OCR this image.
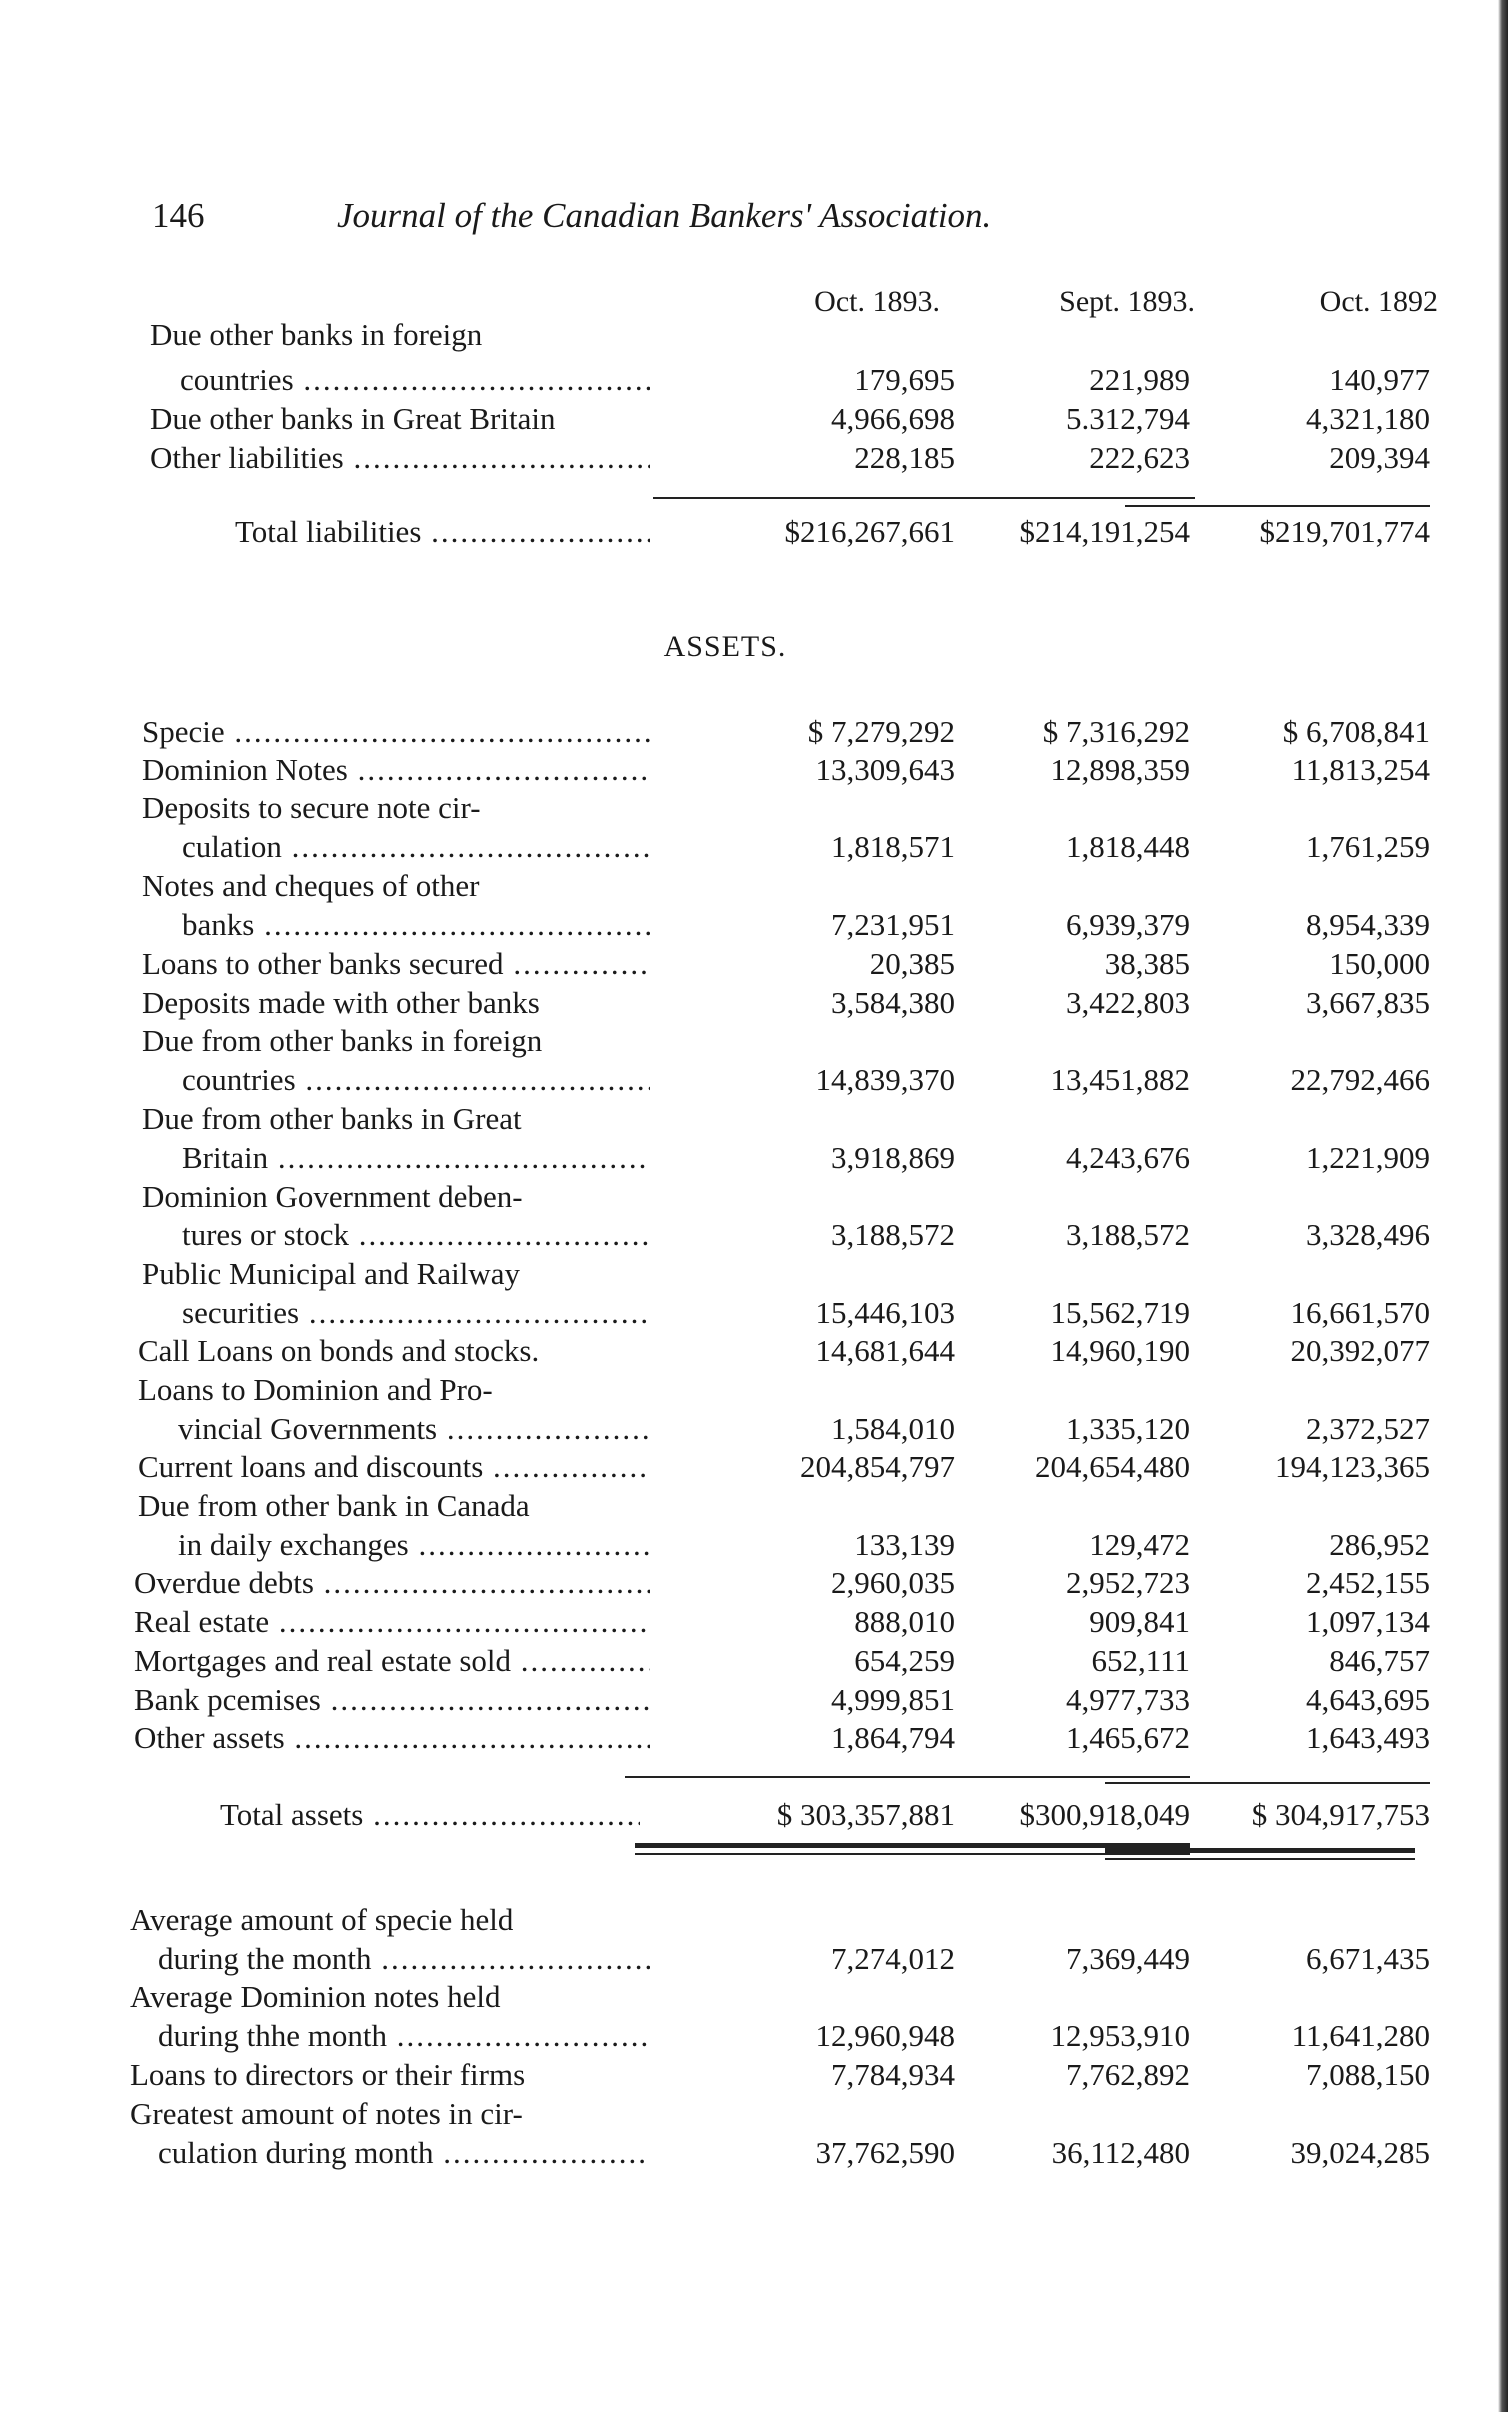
146	Journal of the Canadian Bankers' Association.
Oct. 1893.	Sept. 1893.	Oct. 1892
Due other banks in foreign
countries .....	179,695	221,989	140,977
Due other banks in Great Britain	4,966,698	5.312,794	4,321,180
Other liabilities .....	228,185	222,623	209,394
Total liabilities .....	$216,267,661	$214,191,254	$219,701,774
ASSETS.
Specie .....	$ 7,279,292	$ 7,316,292	$ 6,708,841
Dominion Notes .....	13,309,643	12,898,359	11,813,254
Deposits to secure note cir-
culation .....	1,818,571	1,818,448	1,761,259
Notes and cheques of other
banks .....	7,231,951	6,939,379	8,954,339
Loans to other banks secured .....	20,385	38,385	150,000
Deposits made with other banks	3,584,380	3,422,803	3,667,835
Due from other banks in foreign
countries .....	14,839,370	13,451,882	22,792,466
Due from other banks in Great
Britain .....	3,918,869	4,243,676	1,221,909
Dominion Government deben-
tures or stock .....	3,188,572	3,188,572	3,328,496
Public Municipal and Railway
securities .....	15,446,103	15,562,719	16,661,570
Call Loans on bonds and stocks.	14,681,644	14,960,190	20,392,077
Loans to Dominion and Pro-
vincial Governments .....	1,584,010	1,335,120	2,372,527
Current loans and discounts .....	204,854,797	204,654,480	194,123,365
Due from other bank in Canada
in daily exchanges .....	133,139	129,472	286,952
Overdue debts .....	2,960,035	2,952,723	2,452,155
Real estate .....	888,010	909,841	1,097,134
Mortgages and real estate sold .....	654,259	652,111	846,757
Bank pcemises .....	4,999,851	4,977,733	4,643,695
Other assets .....	1,864,794	1,465,672	1,643,493
Total assets .....	$ 303,357,881	$300,918,049	$ 304,917,753
Average amount of specie held
during the month .....	7,274,012	7,369,449	6,671,435
Average Dominion notes held
during thhe month .....	12,960,948	12,953,910	11,641,280
Loans to directors or their firms	7,784,934	7,762,892	7,088,150
Greatest amount of notes in cir-
culation during month .....	37,762,590	36,112,480	39,024,285
